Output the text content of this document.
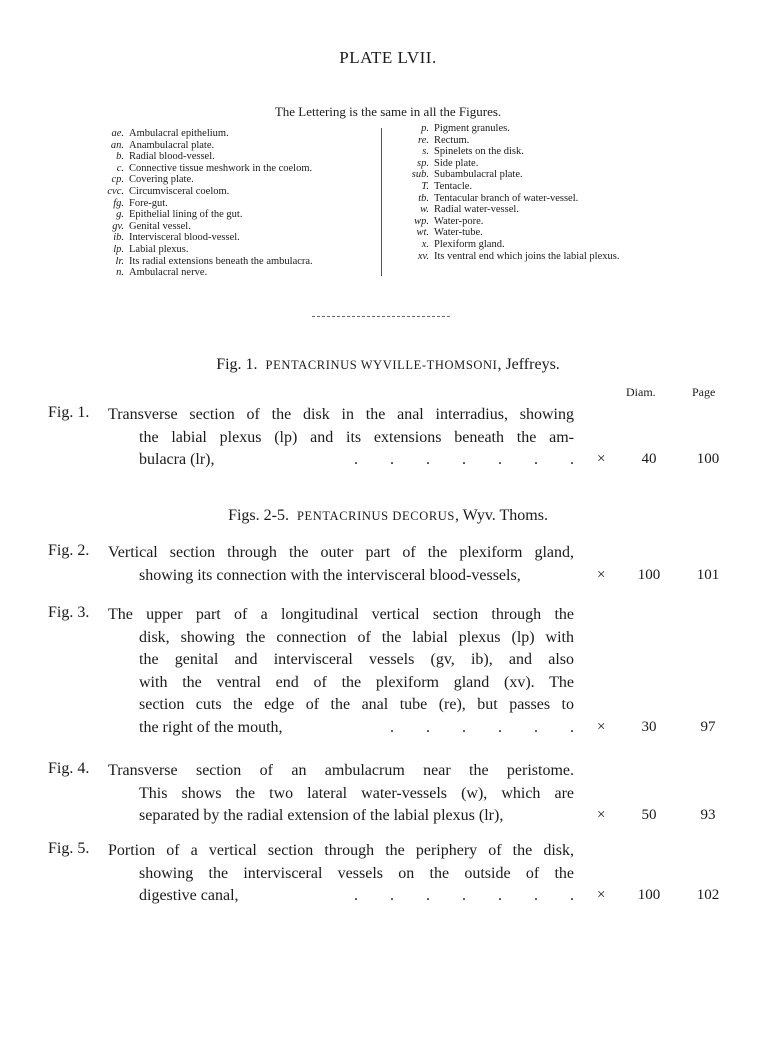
PLATE LVII.
The Lettering is the same in all the Figures.
ae. Ambulacral epithelium.
an. Anambulacral plate.
b. Radial blood-vessel.
c. Connective tissue meshwork in the coelom.
cp. Covering plate.
cvc. Circumvisceral coelom.
fg. Fore-gut.
g. Epithelial lining of the gut.
gv. Genital vessel.
ib. Intervisceral blood-vessel.
lp. Labial plexus.
lr. Its radial extensions beneath the ambulacra.
n. Ambulacral nerve.
p. Pigment granules.
re. Rectum.
s. Spinelets on the disk.
sp. Side plate.
sub. Subambulacral plate.
T. Tentacle.
tb. Tentacular branch of water-vessel.
w. Radial water-vessel.
wp. Water-pore.
wt. Water-tube.
x. Plexiform gland.
xv. Its ventral end which joins the labial plexus.
Fig. 1. PENTACRINUS WYVILLE-THOMSONI, Jeffreys.
Diam.	Page
Figs. 2-5. PENTACRINUS DECORUS, Wyv. Thoms.
Fig. 1. Transverse section of the disk in the anal interradius, showing
the labial plexus (lp) and its extensions beneath the am-
bulacra (lr),	.        .        .        .        .        .        . ×	40	100
Fig. 2. Vertical section through the outer part of the plexiform gland,
showing its connection with the intervisceral blood-vessels,	×	100	101
Fig. 3. The upper part of a longitudinal vertical section through the
disk, showing the connection of the labial plexus (lp) with
the genital and intervisceral vessels (gv, ib), and also
with the ventral end of the plexiform gland (xv). The
section cuts the edge of the anal tube (re), but passes to
the right of the mouth,	.        .        .        .        .        . ×	30	97
Fig. 4. Transverse section of an ambulacrum near the peristome.
This shows the two lateral water-vessels (w), which are
separated by the radial extension of the labial plexus (lr),	×	50	93
Fig. 5. Portion of a vertical section through the periphery of the disk,
showing the intervisceral vessels on the outside of the
digestive canal,	.        .        .        .        .        .        . ×	100	102
